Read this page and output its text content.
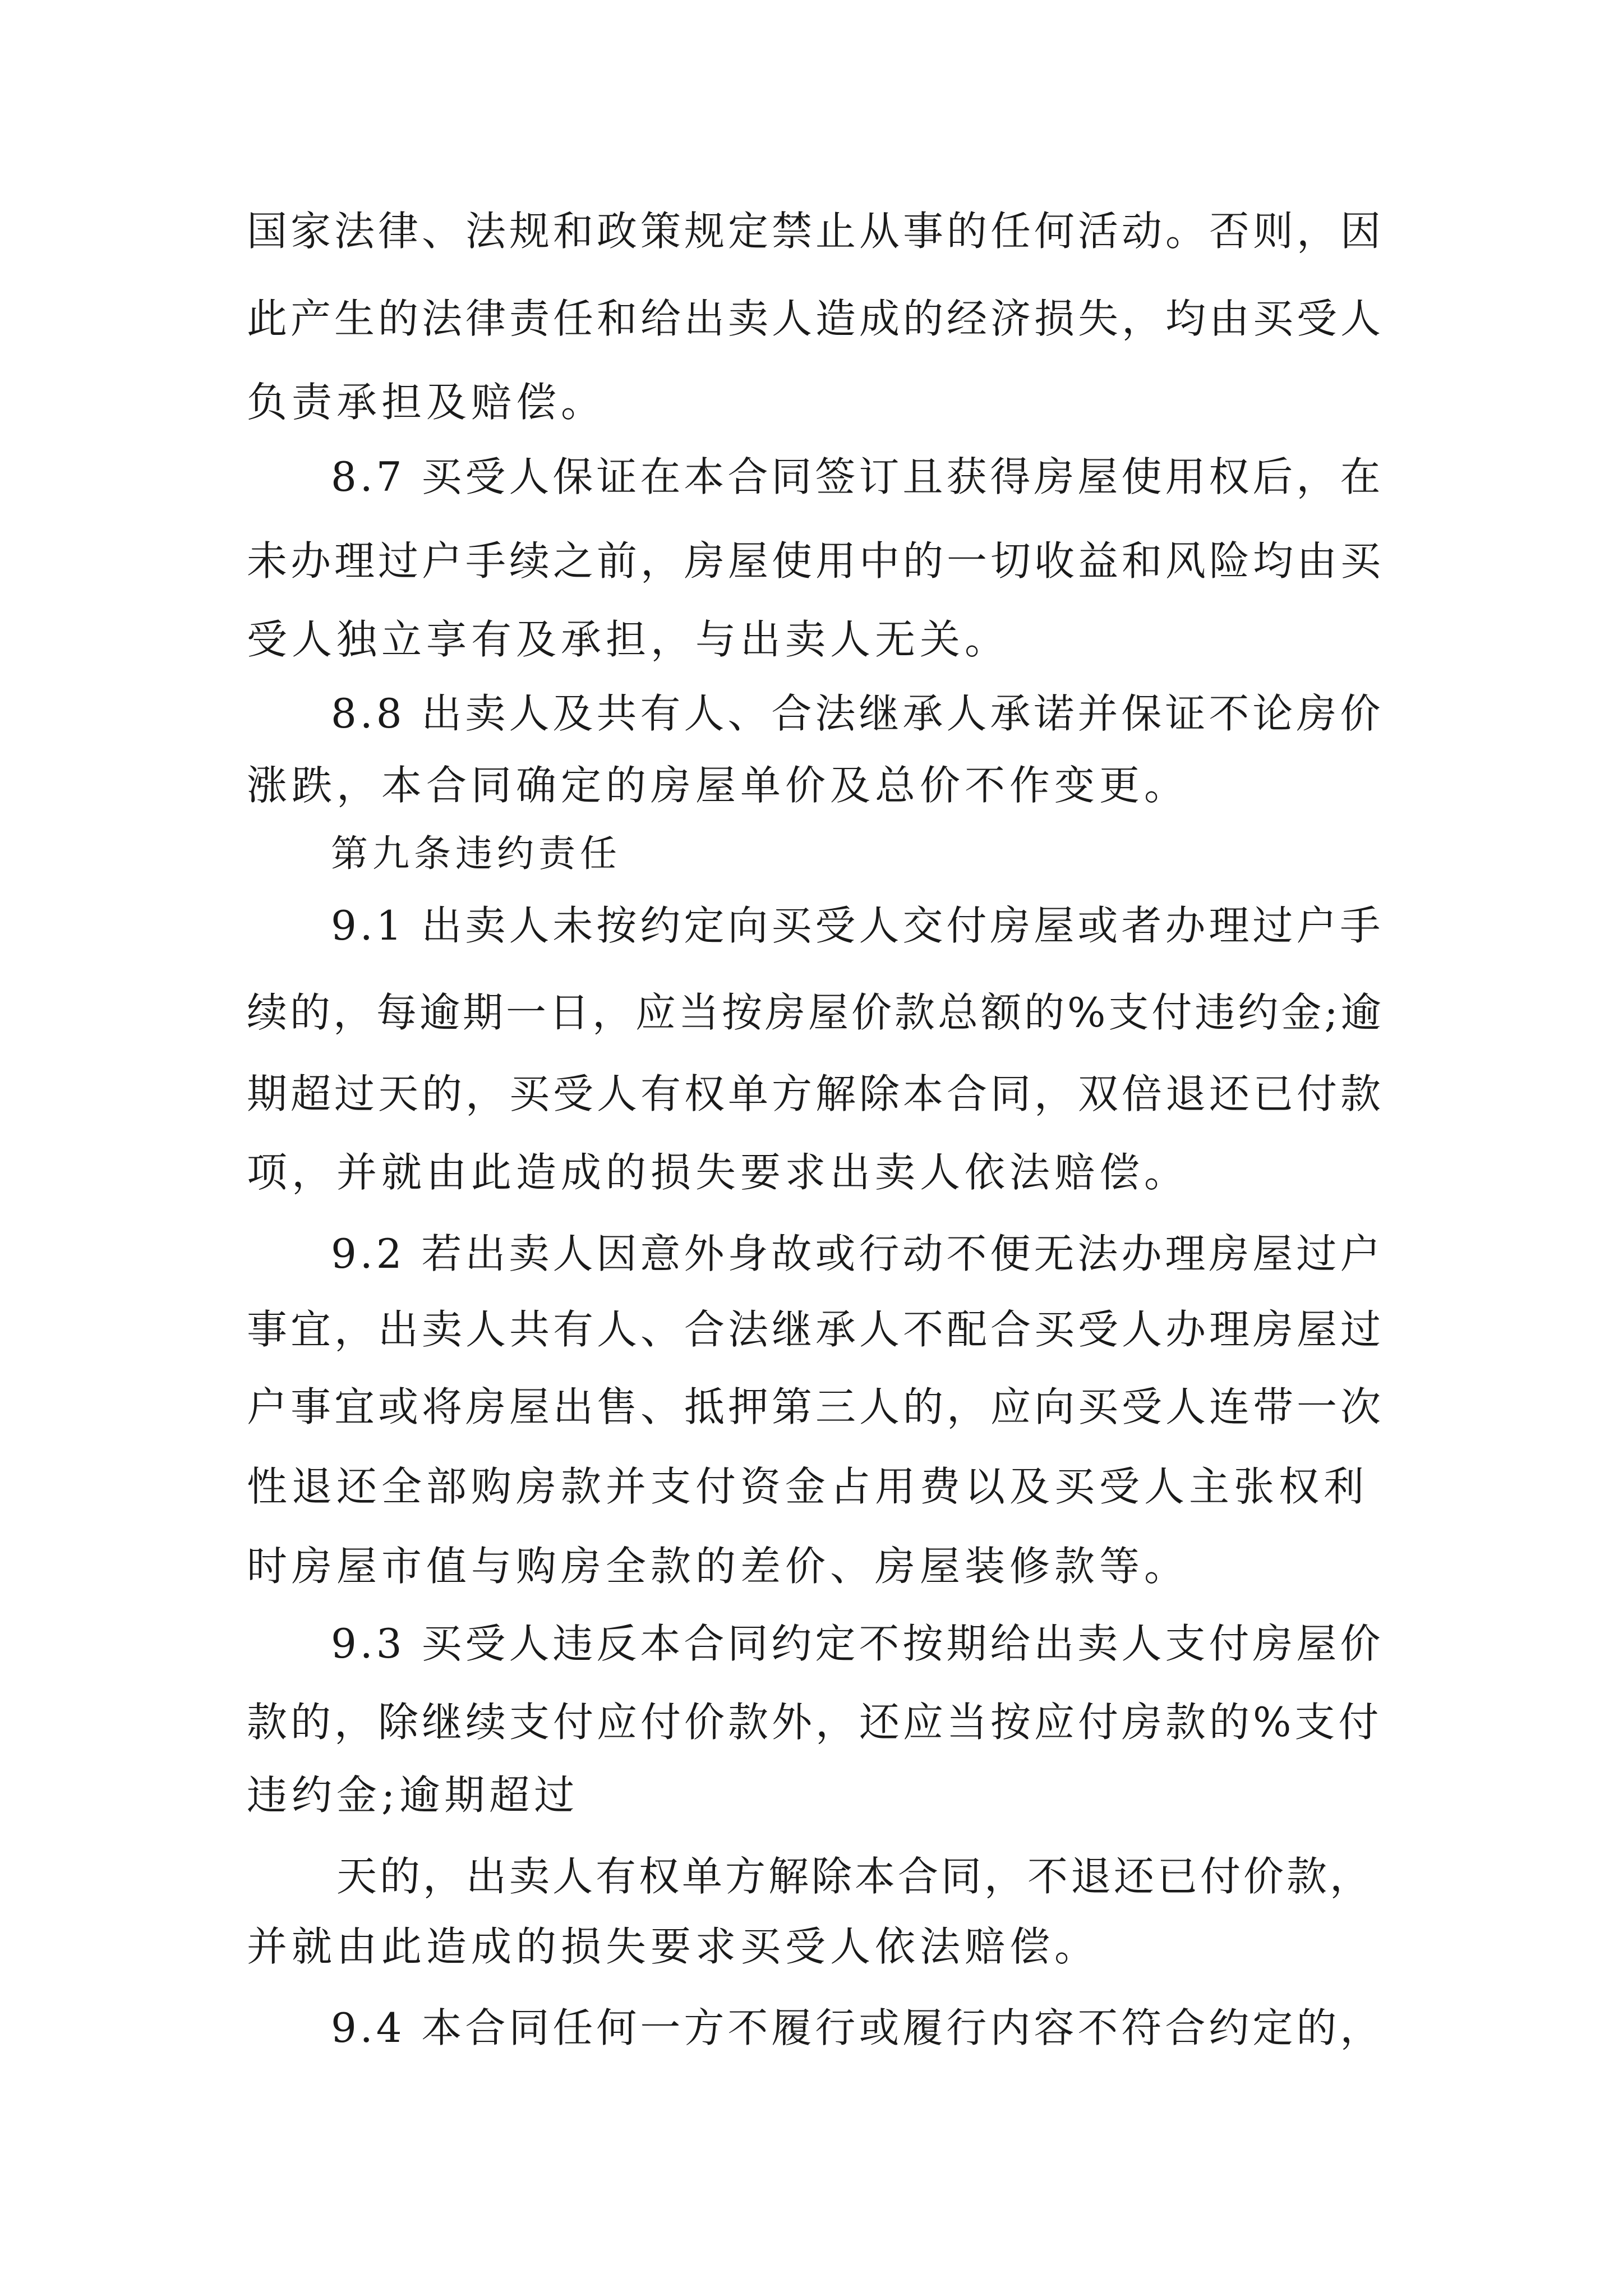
国家法律、法规和政策规定禁止从事的任何活动。否则，因
此产生的法律责任和给出卖人造成的经济损失，均由买受人
负责承担及赔偿。
8.7 买受人保证在本合同签订且获得房屋使用权后，在
未办理过户手续之前，房屋使用中的一切收益和风险均由买
受人独立享有及承担，与出卖人无关。
8.8 出卖人及共有人、合法继承人承诺并保证不论房价
涨跌，本合同确定的房屋单价及总价不作变更。
第九条违约责任
9.1 出卖人未按约定向买受人交付房屋或者办理过户手
续的，每逾期一日，应当按房屋价款总额的%支付违约金;逾
期超过天的，买受人有权单方解除本合同，双倍退还已付款
项，并就由此造成的损失要求出卖人依法赔偿。
9.2 若出卖人因意外身故或行动不便无法办理房屋过户
事宜，出卖人共有人、合法继承人不配合买受人办理房屋过
户事宜或将房屋出售、抵押第三人的，应向买受人连带一次
性退还全部购房款并支付资金占用费以及买受人主张权利
时房屋市值与购房全款的差价、房屋装修款等。
9.3 买受人违反本合同约定不按期给出卖人支付房屋价
款的，除继续支付应付价款外，还应当按应付房款的%支付
违约金;逾期超过
天的，出卖人有权单方解除本合同，不退还已付价款，
并就由此造成的损失要求买受人依法赔偿。
9.4 本合同任何一方不履行或履行内容不符合约定的，
